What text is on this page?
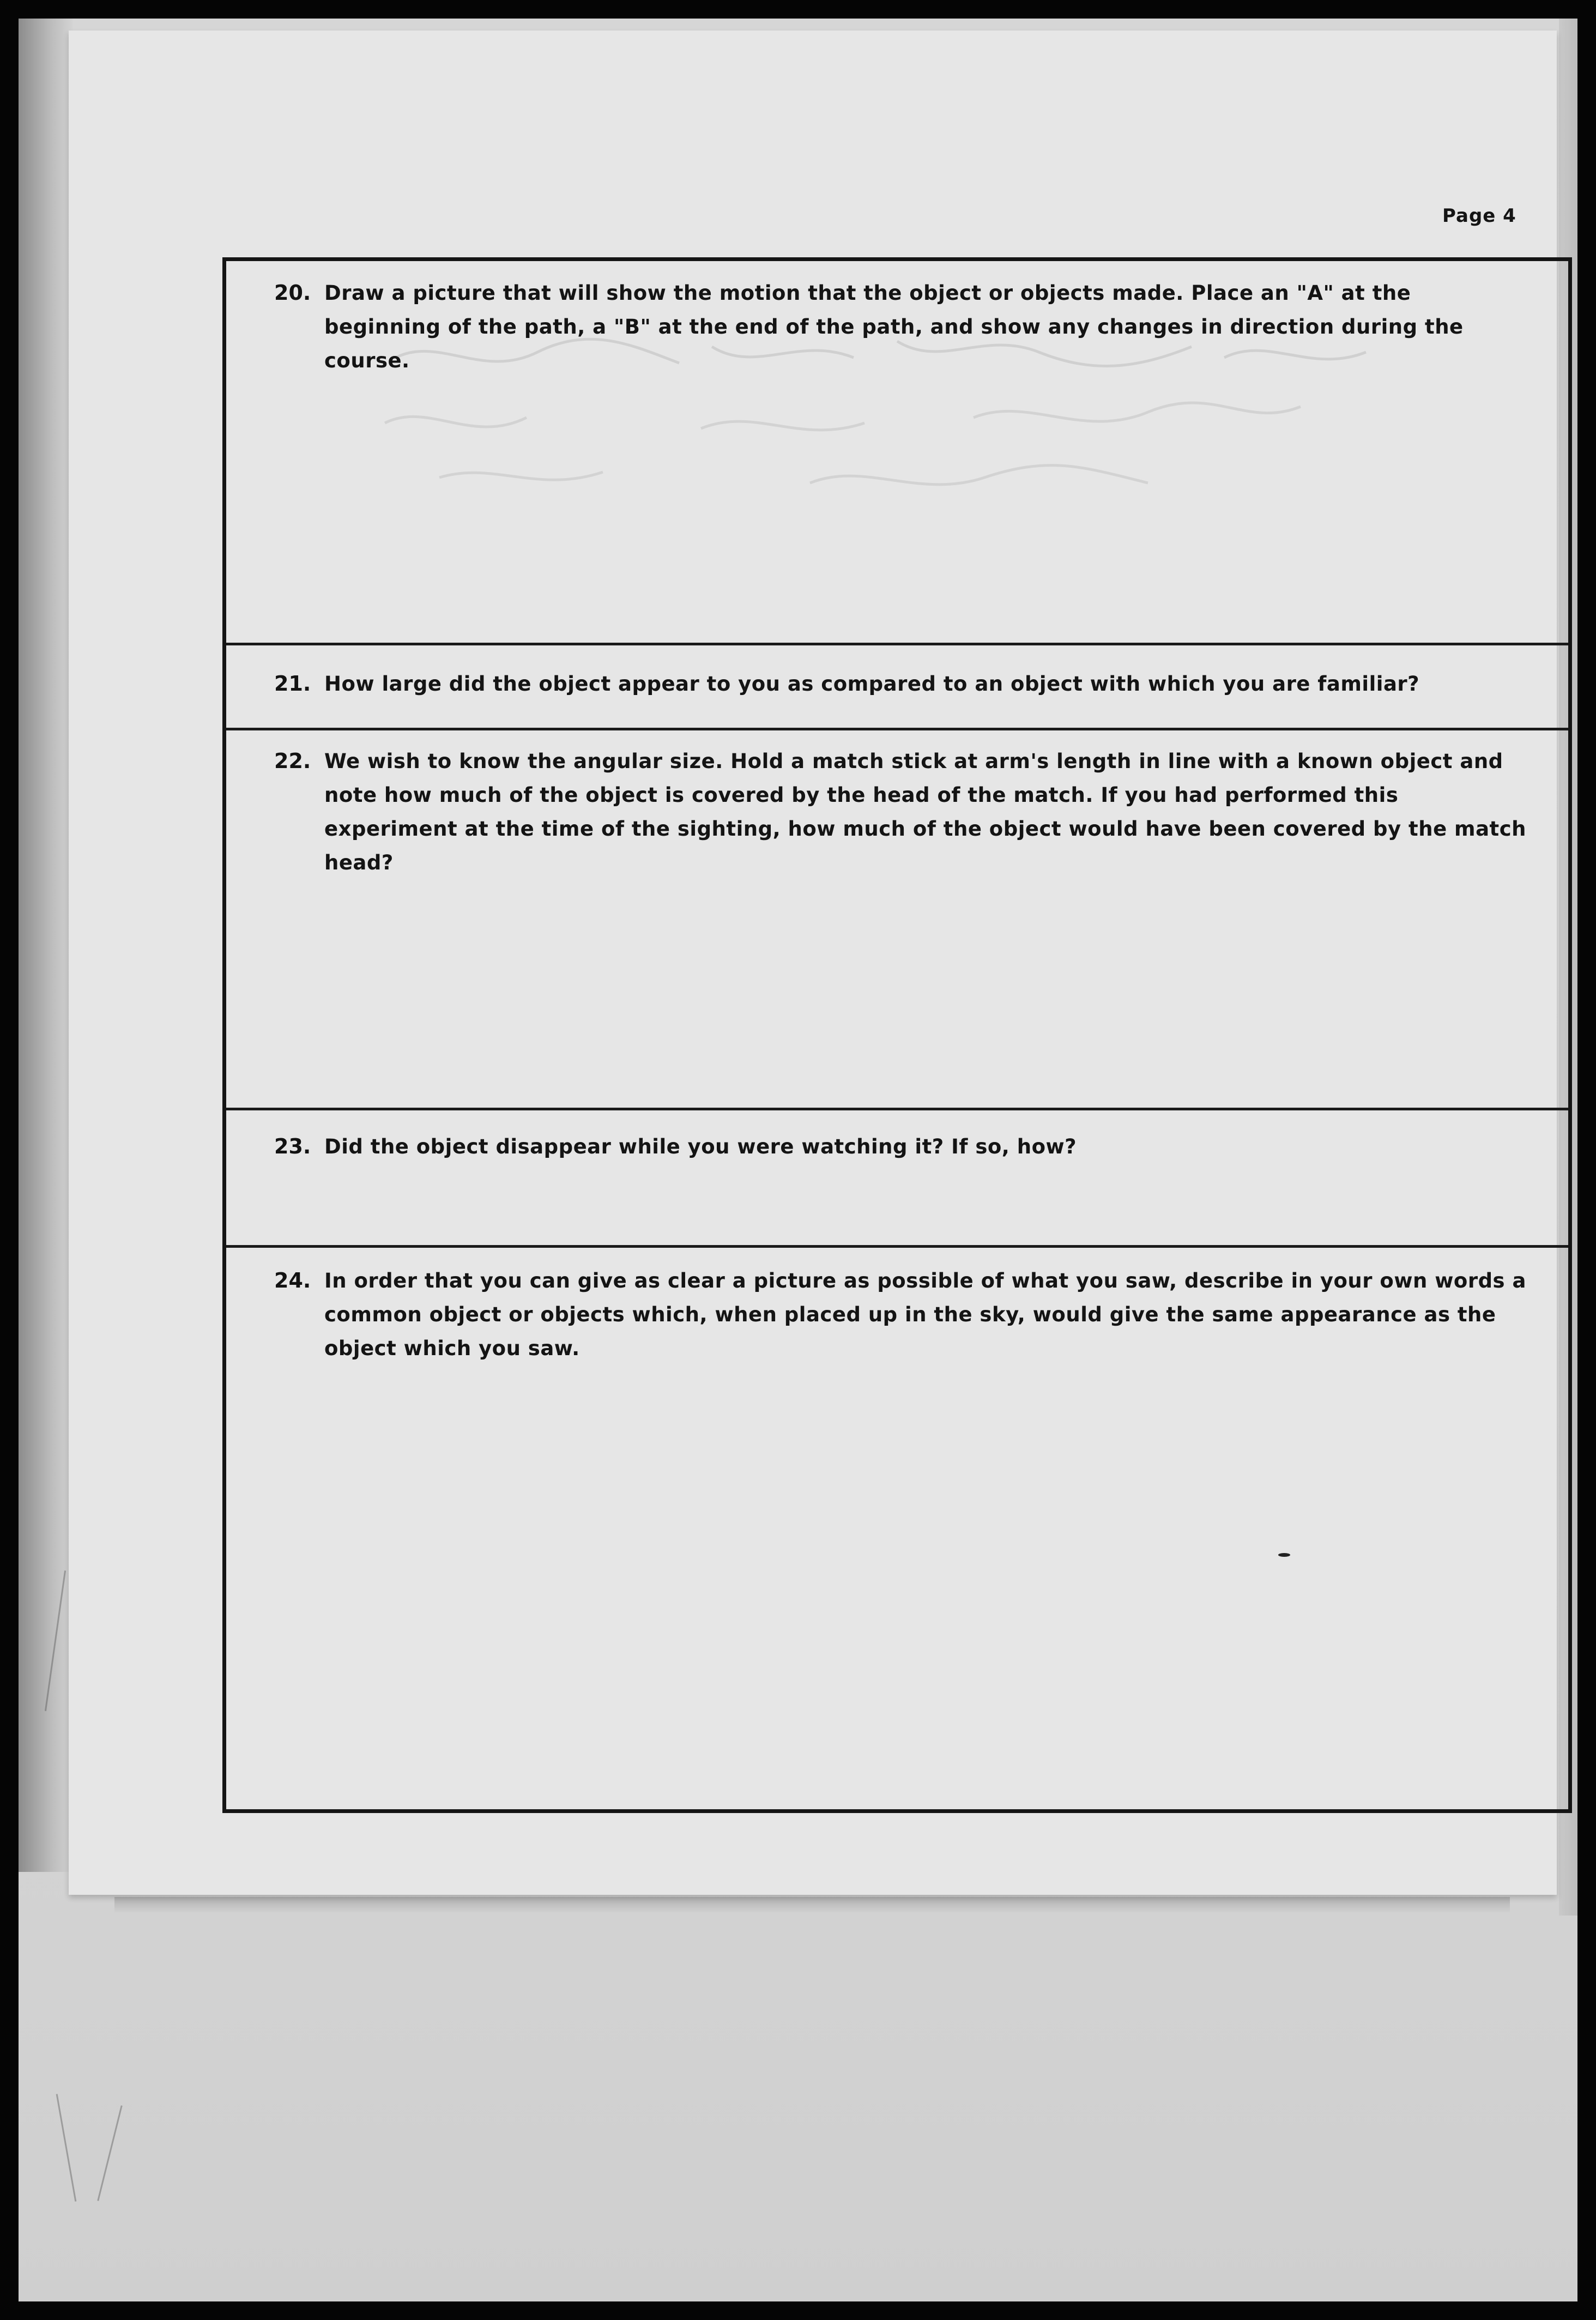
Page 4
20. Draw a picture that will show the motion that the object or objects made. Place an "A" at the beginning of the path, a "B" at the end of the path, and show any changes in direction during the course.
21. How large did the object appear to you as compared to an object with which you are familiar?
22. We wish to know the angular size. Hold a match stick at arm's length in line with a known object and note how much of the object is covered by the head of the match. If you had performed this experiment at the time of the sighting, how much of the object would have been covered by the match head?
23. Did the object disappear while you were watching it? If so, how?
24. In order that you can give as clear a picture as possible of what you saw, describe in your own words a common object or objects which, when placed up in the sky, would give the same appearance as the object which you saw.
